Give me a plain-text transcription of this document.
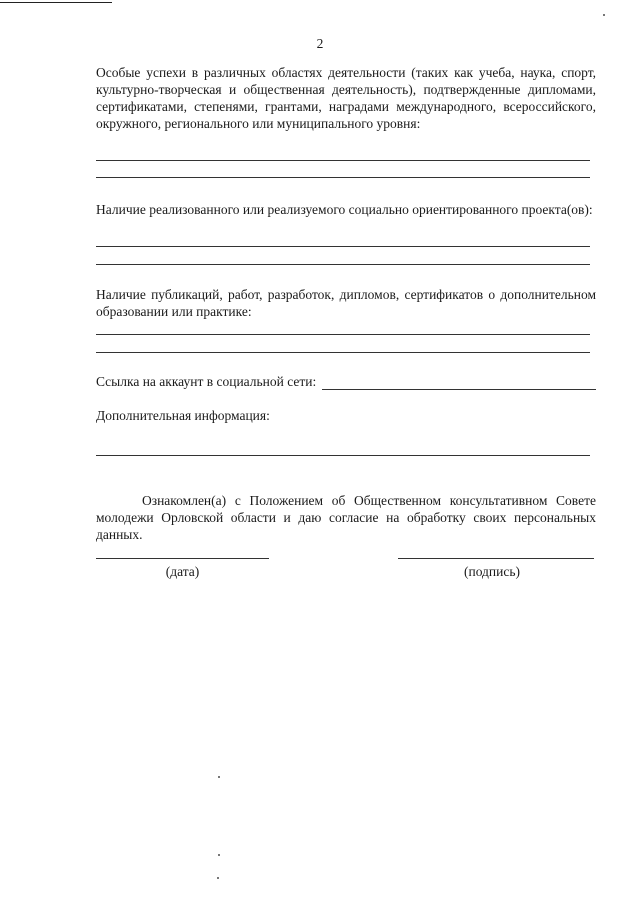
2
Особые успехи в различных областях деятельности (таких как учеба, наука, спорт, культурно-творческая и общественная деятельность), подтвержденные дипломами, сертификатами, степенями, грантами, наградами международного, всероссийского, окружного, регионального или муниципального уровня:
Наличие реализованного или реализуемого социально ориентированного проекта(ов):
Наличие публикаций, работ, разработок, дипломов, сертификатов о дополнительном образовании или практике:
Ссылка на аккаунт в социальной сети:
Дополнительная информация:
Ознакомлен(а) с Положением об Общественном консультативном Совете молодежи Орловской области и даю согласие на обработку своих персональных данных.
(дата)	(подпись)
